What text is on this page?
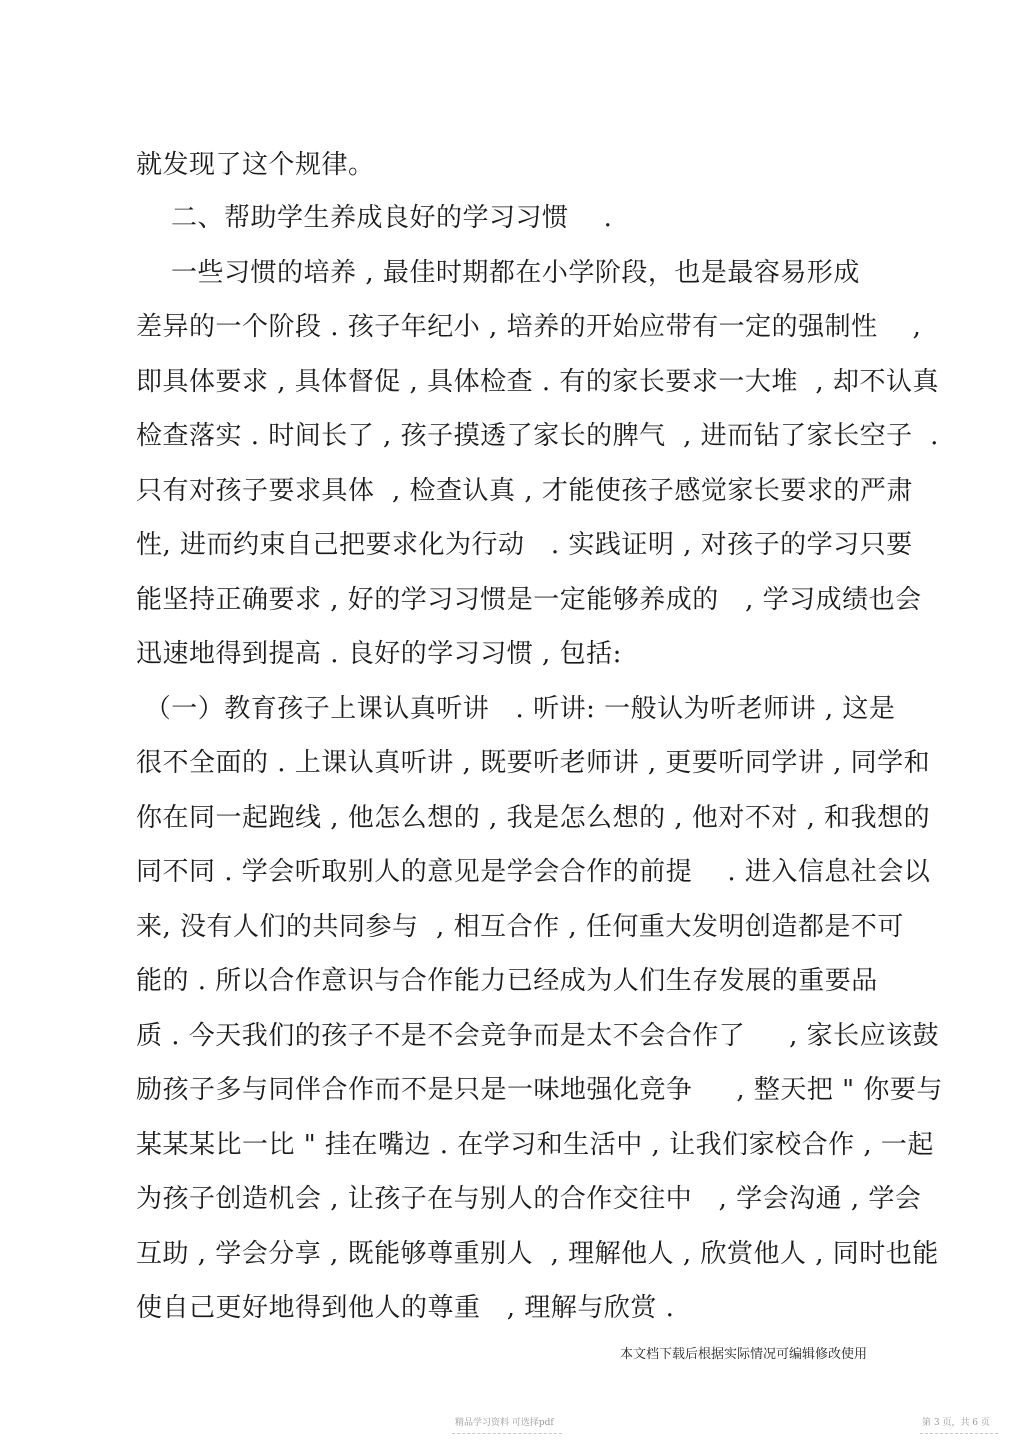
就发现了这个规律。
二、帮助学生养成良好的学习习惯    .
一些习惯的培养 , 最佳时期都在小学阶段，也是最容易形成
差异的一个阶段 . 孩子年纪小 , 培养的开始应带有一定的强制性    ,
即具体要求 , 具体督促 , 具体检查 . 有的家长要求一大堆  , 却不认真
检查落实 . 时间长了 , 孩子摸透了家长的脾气  , 进而钻了家长空子  .
只有对孩子要求具体  , 检查认真 , 才能使孩子感觉家长要求的严肃
性, 进而约束自己把要求化为行动   . 实践证明 , 对孩子的学习只要
能坚持正确要求 , 好的学习习惯是一定能够养成的   , 学习成绩也会
迅速地得到提高 . 良好的学习习惯 , 包括:
（一）教育孩子上课认真听讲   . 听讲: 一般认为听老师讲 , 这是
很不全面的 . 上课认真听讲 , 既要听老师讲 , 更要听同学讲 , 同学和
你在同一起跑线 , 他怎么想的 , 我是怎么想的 , 他对不对 , 和我想的
同不同 . 学会听取别人的意见是学会合作的前提    . 进入信息社会以
来, 没有人们的共同参与  , 相互合作 , 任何重大发明创造都是不可
能的 . 所以合作意识与合作能力已经成为人们生存发展的重要品
质 . 今天我们的孩子不是不会竞争而是太不会合作了     , 家长应该鼓
励孩子多与同伴合作而不是只是一味地强化竞争     , 整天把 " 你要与
某某某比一比 " 挂在嘴边 . 在学习和生活中 , 让我们家校合作 , 一起
为孩子创造机会 , 让孩子在与别人的合作交往中   , 学会沟通 , 学会
互助 , 学会分享 , 既能够尊重别人  , 理解他人 , 欣赏他人 , 同时也能
使自己更好地得到他人的尊重   , 理解与欣赏 .
本文档下载后根据实际情况可编辑修改使用
精品学习资料 可选择pdf	第 3 页，共 6 页
